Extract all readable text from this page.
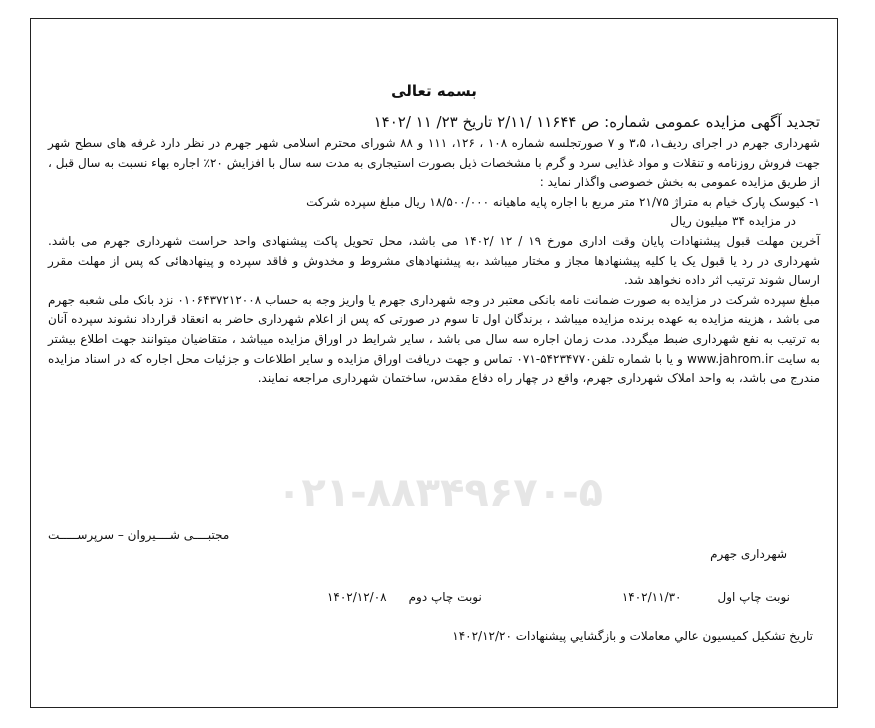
۰۲۱-۸۸۳۴۹۶۷۰-۵
بسمه تعالی
تجدید آگهی مزایده عمومی شماره: ص ۱۱۶۴۴ /۲/۱۱ تاریخ ۲۳/ ۱۱ /۱۴۰۲

شهرداری جهرم در اجرای ردیف۱، ۳،۵ و ۷ صورتجلسه شماره ۱۰۸ ، ۱۲۶، ۱۱۱ و ۸۸ شورای محترم اسلامی شهر جهرم در نظر دارد غرفه های سطح شهر جهت فروش روزنامه و تنقلات و مواد غذایی سرد و گرم با مشخصات ذیل بصورت استیجاری به مدت سه سال با افزایش ۲۰٪ اجاره بهاء نسبت به سال قبل ، از طریق مزایده عمومی به بخش خصوصی واگذار نماید :

۱- کیوسک پارک خیام به متراژ ۲۱/۷۵ متر مربع با اجاره پایه ماهیانه ۱۸/۵۰۰/۰۰۰ ریال مبلغ سپرده شرکت

در مزایده ۳۴ میلیون ریال

آخرین مهلت قبول پیشنهادات پایان وقت اداری مورخ ۱۹ / ۱۲ /۱۴۰۲ می باشد، محل تحویل پاکت پیشنهادی واحد حراست شهرداری جهرم می باشد. شهرداری در رد یا قبول یک یا کلیه پیشنهادها مجاز و مختار میباشد ،به پیشنهادهای مشروط و مخدوش و فاقد سپرده و پینهادهائی که پس از مهلت مقرر ارسال شوند ترتیب اثر داده نخواهد شد.

مبلغ سپرده شرکت در مزایده به صورت ضمانت نامه بانکی معتبر در وجه شهرداری جهرم یا واریز وجه به حساب ۰۱۰۶۴۳۷۲۱۲۰۰۸ نزد بانک ملی شعبه جهرم می باشد ، هزینه مزایده به عهده برنده مزایده میباشد ، برندگان اول تا سوم در صورتی که پس از اعلام شهرداری حاضر به انعقاد قرارداد نشوند سپرده آنان به ترتیب به نفع شهرداری ضبط میگردد. مدت زمان اجاره سه سال می باشد ، سایر شرایط در اوراق مزایده میباشد ، متقاضیان میتوانند جهت اطلاع بیشتر به سایت www.jahrom.ir و یا با شماره تلفن۵۴۲۳۴۷۷۰-۰۷۱ تماس و جهت دریافت اوراق مزایده و سایر اطلاعات و جزئیات محل اجاره که در اسناد مزایده مندرج می باشد، به واحد املاک شهرداری جهرم، واقع در چهار راه دفاع مقدس، ساختمان شهرداری مراجعه نمایند.

مجتبــــی شــــیروان – سرپرســـــت
شهرداری جهرم
نوبت چاپ اول
۱۴۰۲/۱۱/۳۰
نوبت چاپ دوم
۱۴۰۲/۱۲/۰۸
تاريخ تشکيل کميسيون عالي معاملات و بازگشايي پيشنهادات ۱۴۰۲/۱۲/۲۰
